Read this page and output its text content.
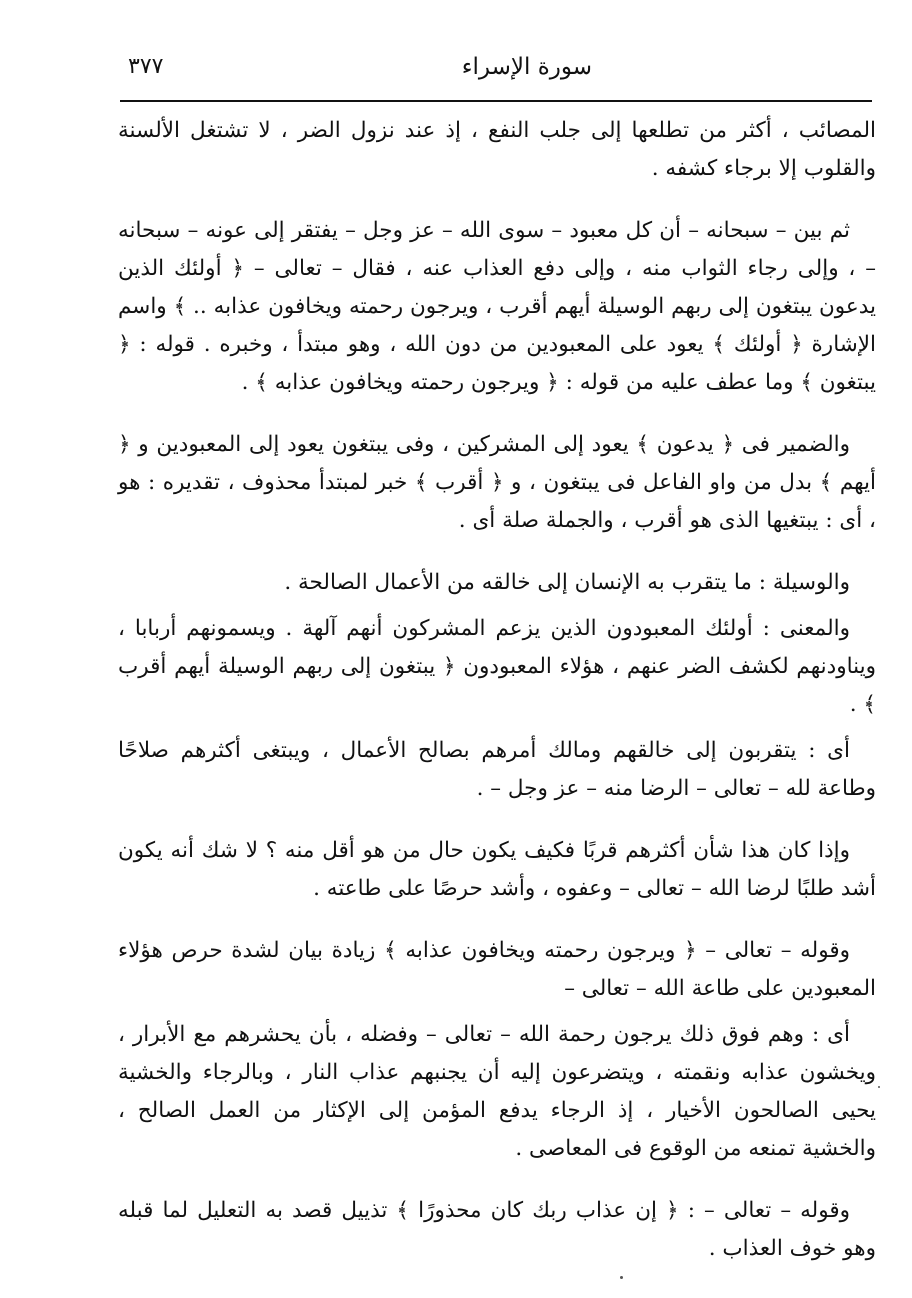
سورة الإسراء
٣٧٧

المصائب ، أكثر من تطلعها إلى جلب النفع ، إذ عند نزول الضر ، لا تشتغل الألسنة والقلوب إلا برجاء كشفه .

ثم بين – سبحانه – أن كل معبود – سوى الله – عز وجل – يفتقر إلى عونه – سبحانه – ، وإلى رجاء الثواب منه ، وإلى دفع العذاب عنه ، فقال – تعالى – ﴿ أولئك الذين يدعون يبتغون إلى ربهم الوسيلة أيهم أقرب ، ويرجون رحمته ويخافون عذابه .. ﴾ واسم الإشارة ﴿ أولئك ﴾ يعود على المعبودين من دون الله ، وهو مبتدأ ، وخبره . قوله : ﴿ يبتغون ﴾ وما عطف عليه من قوله : ﴿ ويرجون رحمته ويخافون عذابه ﴾ .

والضمير فى ﴿ يدعون ﴾ يعود إلى المشركين ، وفى يبتغون يعود إلى المعبودين و ﴿ أيهم ﴾ بدل من واو الفاعل فى يبتغون ، و ﴿ أقرب ﴾ خبر لمبتدأ محذوف ، تقديره : هو ، أى : يبتغيها الذى هو أقرب ، والجملة صلة أى .

والوسيلة : ما يتقرب به الإنسان إلى خالقه من الأعمال الصالحة .

والمعنى : أولئك المعبودون الذين يزعم المشركون أنهم آلهة . ويسمونهم أربابا ، ويناودنهم لكشف الضر عنهم ، هؤلاء المعبودون ﴿ يبتغون إلى ربهم الوسيلة أيهم أقرب ﴾ .

أى : يتقربون إلى خالقهم ومالك أمرهم بصالح الأعمال ، ويبتغى أكثرهم صلاحًا وطاعة لله – تعالى – الرضا منه – عز وجل – .

وإذا كان هذا شأن أكثرهم قربًا فكيف يكون حال من هو أقل منه ؟ لا شك أنه يكون أشد طلبًا لرضا الله – تعالى – وعفوه ، وأشد حرصًا على طاعته .

وقوله – تعالى – ﴿ ويرجون رحمته ويخافون عذابه ﴾ زيادة بيان لشدة حرص هؤلاء المعبودين على طاعة الله – تعالى –

أى : وهم فوق ذلك يرجون رحمة الله – تعالى – وفضله ، بأن يحشرهم مع الأبرار ، ويخشون عذابه ونقمته ، ويتضرعون إليه أن يجنبهم عذاب النار ، وبالرجاء والخشية يحيى الصالحون الأخيار ، إذ الرجاء يدفع المؤمن إلى الإكثار من العمل الصالح ، والخشية تمنعه من الوقوع فى المعاصى .

وقوله – تعالى – : ﴿ إن عذاب ربك كان محذورًا ﴾ تذييل قصد به التعليل لما قبله وهو خوف العذاب .
